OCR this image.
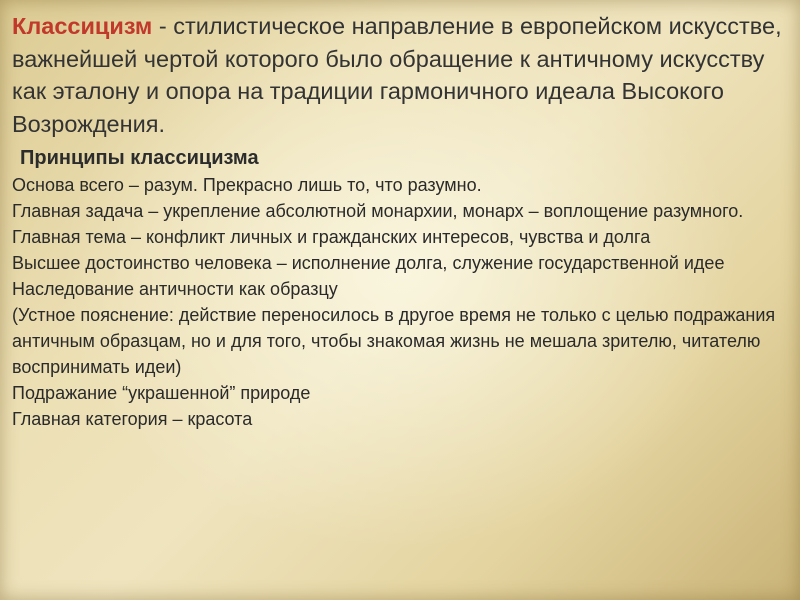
Классицизм - стилистическое направление в европейском искусстве, важнейшей чертой которого было обращение к античному искусству как эталону и опора на традиции гармоничного идеала Высокого Возрождения.

Принципы классицизма
Основа всего – разум. Прекрасно лишь то, что разумно.
Главная задача – укрепление абсолютной монархии, монарх – воплощение разумного.
Главная тема – конфликт личных и гражданских интересов, чувства и долга
Высшее достоинство человека – исполнение долга, служение государственной идее
Наследование античности как образцу
(Устное пояснение: действие переносилось в другое время не только с целью подражания античным образцам, но и для того, чтобы знакомая жизнь не мешала зрителю, читателю воспринимать идеи)
Подражание “украшенной” природе
Главная категория – красота
